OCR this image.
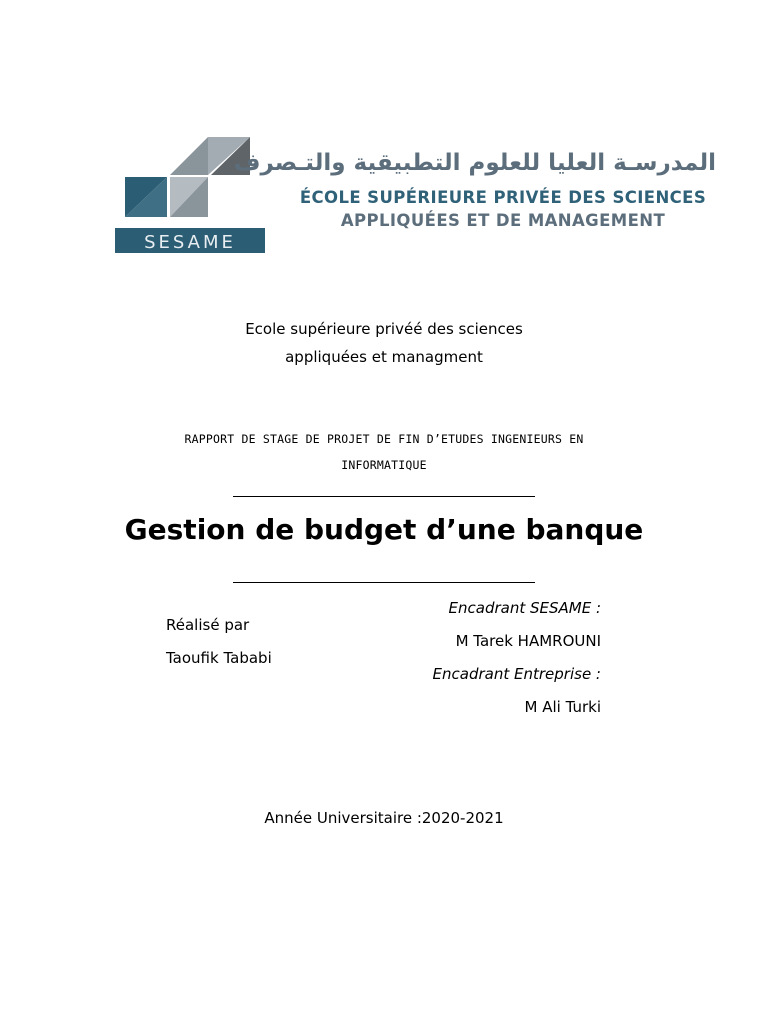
SESAME
المدرسـة العليا للعلوم التطبيقية والتـصرف
ÉCOLE SUPÉRIEURE PRIVÉE DES SCIENCES
APPLIQUÉES ET DE MANAGEMENT
Ecole supérieure privéé des sciences
appliquées et managment
RAPPORT DE STAGE DE PROJET DE FIN D’ETUDES INGENIEURS EN
INFORMATIQUE
Gestion de budget d’une banque
Réalisé par
Taoufik Tababi
Encadrant SESAME :
M Tarek HAMROUNI
Encadrant Entreprise :
M Ali Turki
Année Universitaire :2020-2021
